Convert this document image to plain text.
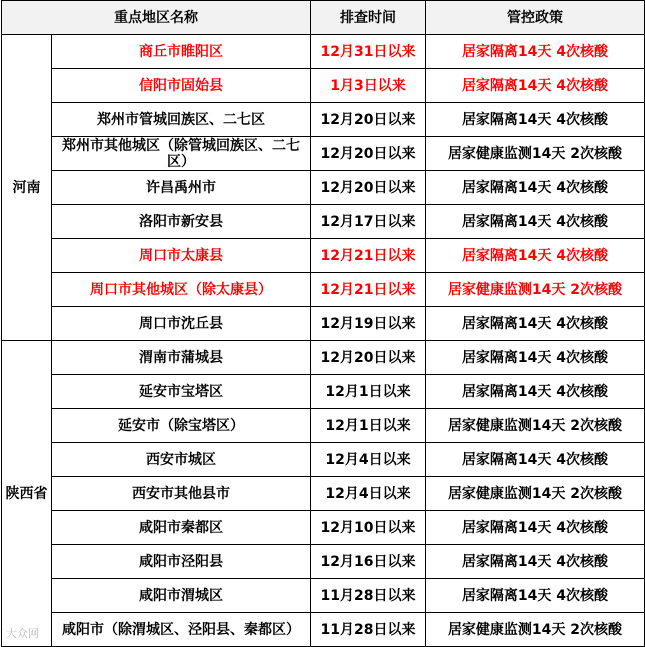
重点地区名称		排查时间	管控政策
河南	商丘市睢阳区	12月31日以来	居家隔离14天 4次核酸
	信阳市固始县	1月3日以来	居家隔离14天 4次核酸
	郑州市管城回族区、二七区	12月20日以来	居家隔离14天 4次核酸
	郑州市其他城区（除管城回族区、二七区）	12月20日以来	居家健康监测14天 2次核酸
	许昌禹州市	12月20日以来	居家隔离14天 4次核酸
	洛阳市新安县	12月17日以来	居家隔离14天 4次核酸
	周口市太康县	12月21日以来	居家隔离14天 4次核酸
	周口市其他城区（除太康县）	12月21日以来	居家健康监测14天 2次核酸
	周口市沈丘县	12月19日以来	居家隔离14天 4次核酸
陕西省	渭南市蒲城县	12月20日以来	居家隔离14天 4次核酸
	延安市宝塔区	12月1日以来	居家隔离14天 4次核酸
	延安市（除宝塔区）	12月1日以来	居家健康监测14天 2次核酸
	西安市城区	12月4日以来	居家隔离14天 4次核酸
	西安市其他县市	12月4日以来	居家健康监测14天 2次核酸
	咸阳市秦都区	12月10日以来	居家隔离14天 4次核酸
	咸阳市泾阳县	12月16日以来	居家隔离14天 4次核酸
	咸阳市渭城区	11月28日以来	居家隔离14天 4次核酸
	咸阳市（除渭城区、泾阳县、秦都区）	11月28日以来	居家健康监测14天 2次核酸
大众网
